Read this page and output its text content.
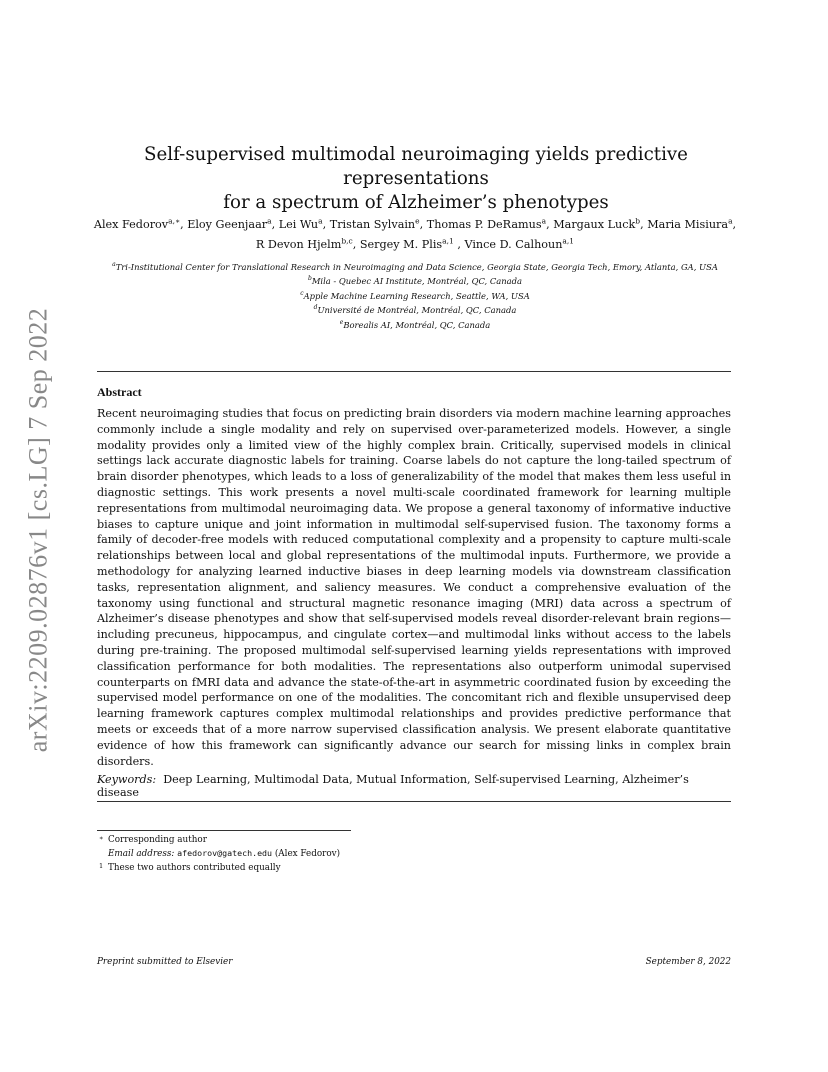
arXiv:2209.02876v1 [cs.LG] 7 Sep 2022
Self-supervised multimodal neuroimaging yields predictive representations
for a spectrum of Alzheimer’s phenotypes
Alex Fedorov$^{a,∗}$, Eloy Geenjaar$^a$, Lei Wu$^a$, Tristan Sylvain$^e$, Thomas P. DeRamus$^a$, Margaux Luck$^b$, Maria Misiura$^a$,
R Devon Hjelm$^{b,c}$, Sergey M. Plis$^{a,1}$ , Vince D. Calhoun$^{a,1}$
$^a$Tri-Institutional Center for Translational Research in Neuroimaging and Data Science, Georgia State, Georgia Tech, Emory, Atlanta, GA, USA
$^b$Mila - Quebec AI Institute, Montréal, QC, Canada
$^c$Apple Machine Learning Research, Seattle, WA, USA
$^d$Université de Montréal, Montréal, QC, Canada
$^e$Borealis AI, Montréal, QC, Canada
Abstract
Recent neuroimaging studies that focus on predicting brain disorders via modern machine learning approaches commonly include a single modality and rely on supervised over-parameterized models. However, a single modality provides only a limited view of the highly complex brain. Critically, supervised models in clinical settings lack accurate diagnostic labels for training. Coarse labels do not capture the long-tailed spectrum of brain disorder phenotypes, which leads to a loss of generalizability of the model that makes them less useful in diagnostic settings. This work presents a novel multi-scale coordinated framework for learning multiple representations from multimodal neuroimaging data. We propose a general taxonomy of informative inductive biases to capture unique and joint information in multimodal self-supervised fusion. The taxonomy forms a family of decoder-free models with reduced computational complexity and a propensity to capture multi-scale relationships between local and global representations of the multimodal inputs. Furthermore, we provide a methodology for analyzing learned inductive biases in deep learning models via downstream classification tasks, representation alignment, and saliency measures. We conduct a comprehensive evaluation of the taxonomy using functional and structural magnetic resonance imaging (MRI) data across a spectrum of Alzheimer’s disease phenotypes and show that self-supervised models reveal disorder-relevant brain regions—including precuneus, hippocampus, and cingulate cortex—and multimodal links without access to the labels during pre-training. The proposed multimodal self-supervised learning yields representations with improved classification performance for both modalities. The representations also outperform unimodal supervised counterparts on fMRI data and advance the state-of-the-art in asymmetric coordinated fusion by exceeding the supervised model performance on one of the modalities. The concomitant rich and flexible unsupervised deep learning framework captures complex multimodal relationships and provides predictive performance that meets or exceeds that of a more narrow supervised classification analysis. We present elaborate quantitative evidence of how this framework can significantly advance our search for missing links in complex brain disorders.
Keywords: Deep Learning, Multimodal Data, Mutual Information, Self-supervised Learning, Alzheimer’s disease
∗ Corresponding author
Email address: afedorov@gatech.edu (Alex Fedorov)
1 These two authors contributed equally
Preprint submitted to Elsevier	September 8, 2022
